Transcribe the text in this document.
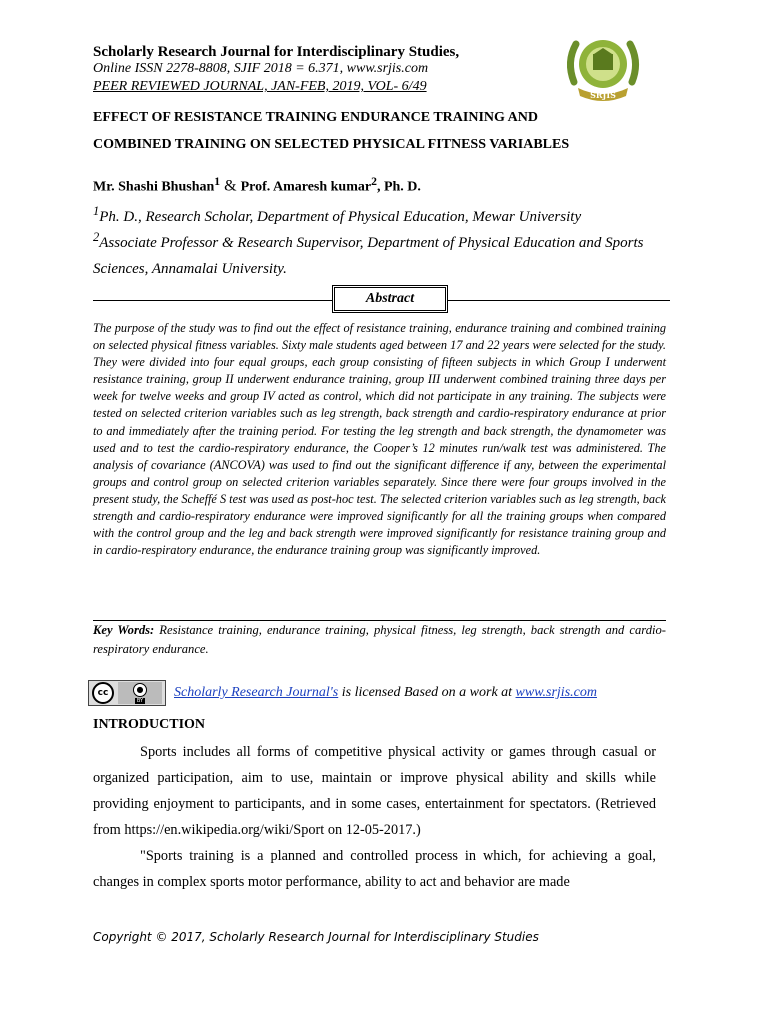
Scholarly Research Journal for Interdisciplinary Studies,
Online ISSN 2278-8808, SJIF 2018 = 6.371, www.srjis.com
PEER REVIEWED JOURNAL, JAN-FEB, 2019, VOL- 6/49
SRJIS
EFFECT OF RESISTANCE TRAINING ENDURANCE TRAINING AND
COMBINED TRAINING ON SELECTED PHYSICAL FITNESS VARIABLES
Mr. Shashi Bhushan$^1$ & Prof. Amaresh kumar$^2$, Ph. D.
$^1$Ph. D., Research Scholar, Department of Physical Education, Mewar University
$^2$Associate Professor & Research Supervisor, Department of Physical Education and Sports Sciences, Annamalai University.
Abstract
The purpose of the study was to find out the effect of resistance training, endurance training and combined training on selected physical fitness variables. Sixty male students aged between 17 and 22 years were selected for the study. They were divided into four equal groups, each group consisting of fifteen subjects in which Group I underwent resistance training, group II underwent endurance training, group III underwent combined training three days per week for twelve weeks and group IV acted as control, which did not participate in any training. The subjects were tested on selected criterion variables such as leg strength, back strength and cardio-respiratory endurance at prior to and immediately after the training period. For testing the leg strength and back strength, the dynamometer was used and to test the cardio-respiratory endurance, the Cooper’s 12 minutes run/walk test was administered. The analysis of covariance (ANCOVA) was used to find out the significant difference if any, between the experimental groups and control group on selected criterion variables separately. Since there were four groups involved in the present study, the Scheffé S test was used as post-hoc test. The selected criterion variables such as leg strength, back strength and cardio-respiratory endurance were improved significantly for all the training groups when compared with the control group and the leg and back strength were improved significantly for resistance training group and in cardio-respiratory endurance, the endurance training group was significantly improved.
Key Words: Resistance training, endurance training, physical fitness, leg strength, back strength and cardio-respiratory endurance.
cc	●
BY
Scholarly Research Journal's is licensed Based on a work at www.srjis.com
INTRODUCTION
Sports includes all forms of competitive physical activity or games through casual or organized participation, aim to use, maintain or improve physical ability and skills while providing enjoyment to participants, and in some cases, entertainment for spectators. (Retrieved from https://en.wikipedia.org/wiki/Sport on 12-05-2017.)
"Sports training is a planned and controlled process in which, for achieving a goal, changes in complex sports motor performance, ability to act and behavior are made
Copyright © 2017, Scholarly Research Journal for Interdisciplinary Studies
